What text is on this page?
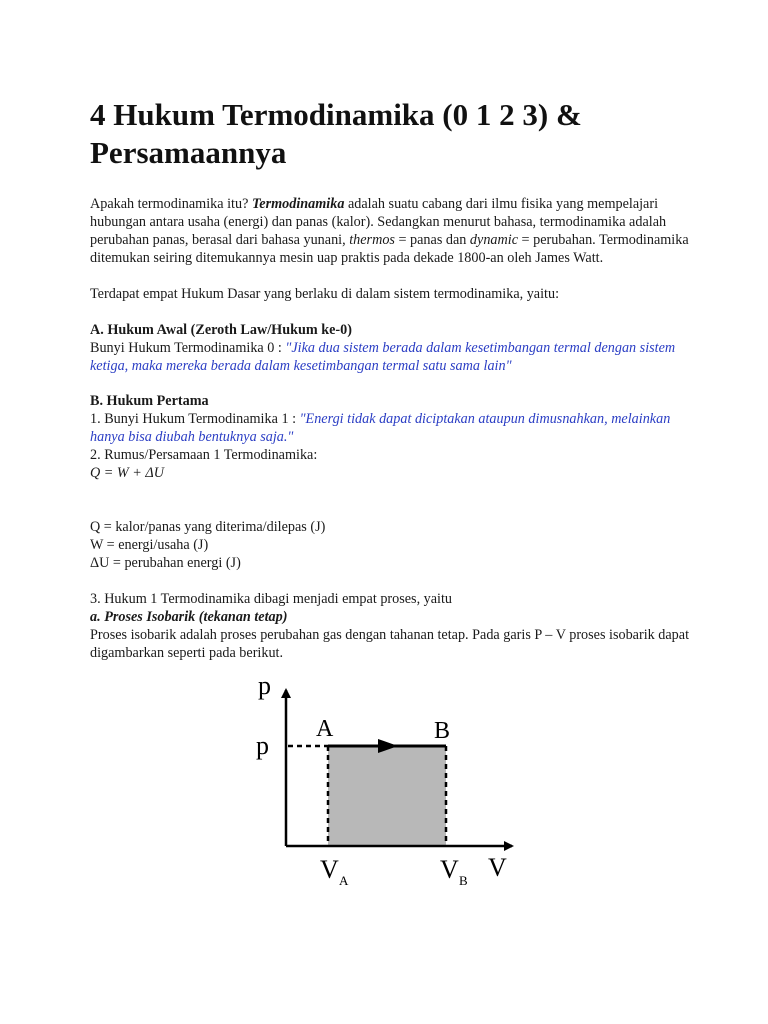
4 Hukum Termodinamika (0 1 2 3) & Persamaannya

Apakah termodinamika itu? Termodinamika adalah suatu cabang dari ilmu fisika yang mempelajari hubungan antara usaha (energi) dan panas (kalor). Sedangkan menurut bahasa, termodinamika adalah perubahan panas, berasal dari bahasa yunani, thermos = panas dan dynamic = perubahan. Termodinamika ditemukan seiring ditemukannya mesin uap praktis pada dekade 1800-an oleh James Watt.

Terdapat empat Hukum Dasar yang berlaku di dalam sistem termodinamika, yaitu:

A. Hukum Awal (Zeroth Law/Hukum ke-0)

Bunyi Hukum Termodinamika 0 : "Jika dua sistem berada dalam kesetimbangan termal dengan sistem ketiga, maka mereka berada dalam kesetimbangan termal satu sama lain"

B. Hukum Pertama

1. Bunyi Hukum Termodinamika 1 : "Energi tidak dapat diciptakan ataupun dimusnahkan, melainkan hanya bisa diubah bentuknya saja."

2. Rumus/Persamaan 1 Termodinamika:

Q = W + ΔU

Q = kalor/panas yang diterima/dilepas (J)

W = energi/usaha (J)

ΔU = perubahan energi (J)

3. Hukum 1 Termodinamika dibagi menjadi empat proses, yaitu

a. Proses Isobarik (tekanan tetap)

Proses isobarik adalah proses perubahan gas dengan tahanan tetap. Pada garis P – V proses isobarik dapat digambarkan seperti pada berikut.

p
p
A	B
V
V A	V B
